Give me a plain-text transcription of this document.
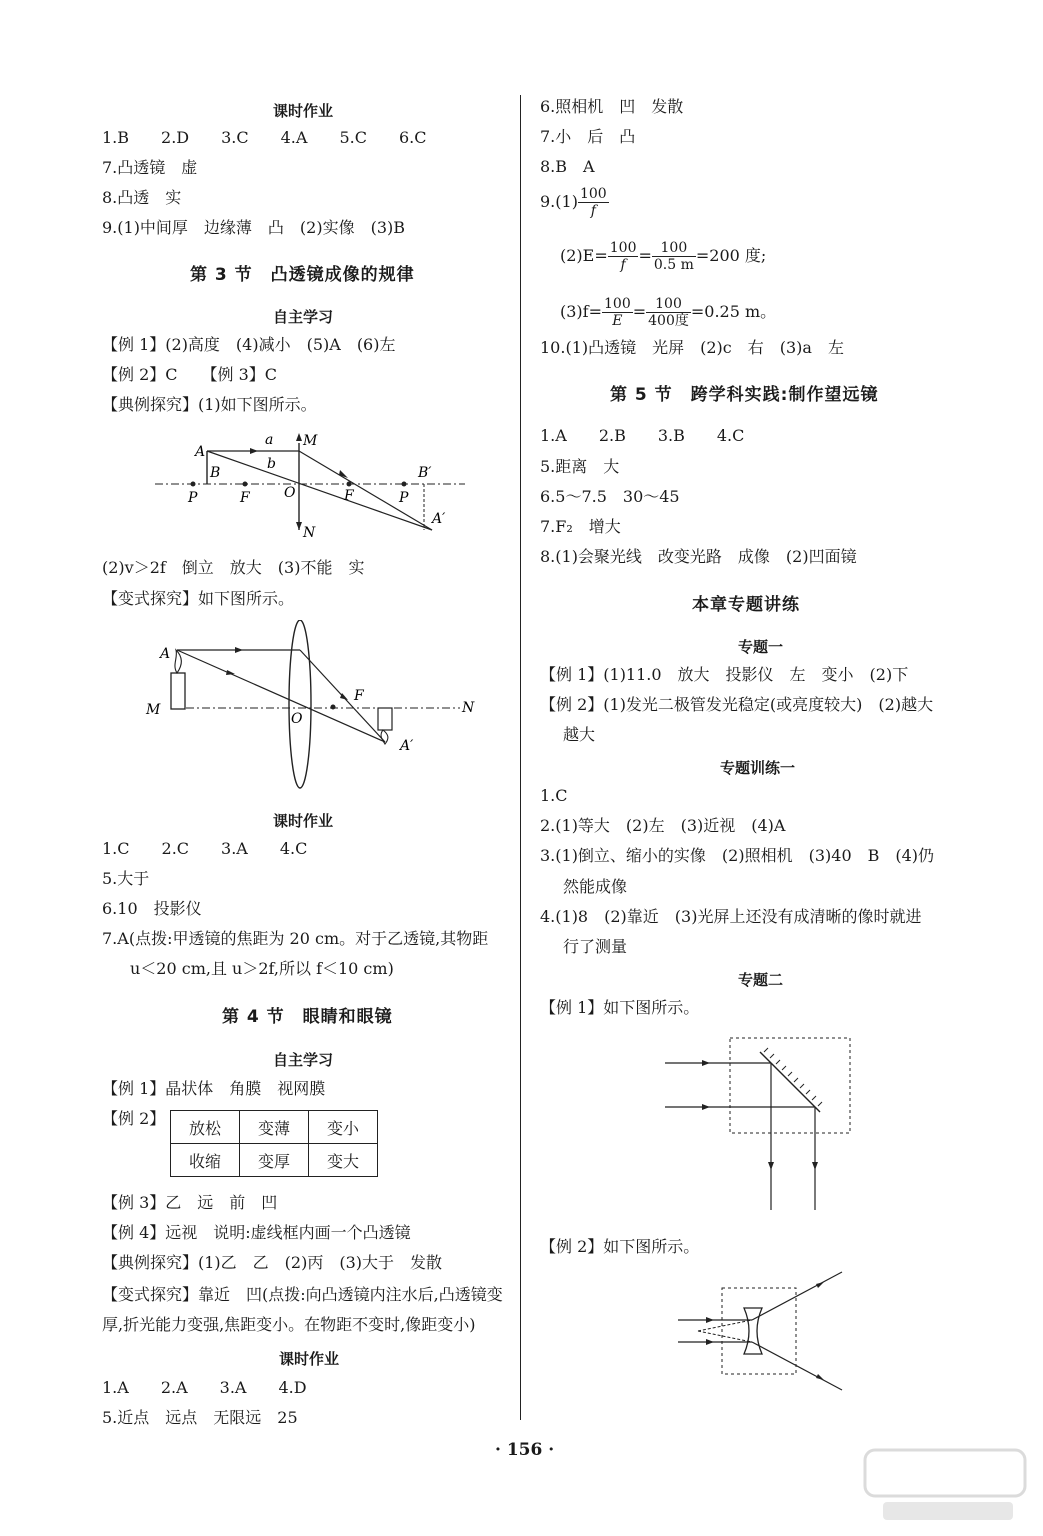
课时作业
1.B　　2.D　　3.C　　4.A　　5.C　　6.C
7.凸透镜　虚
8.凸透　实
9.(1)中间厚　边缘薄　凸　(2)实像　(3)B
第 3 节　凸透镜成像的规律
自主学习
【例 1】(2)高度　(4)减小　(5)A　(6)左
【例 2】C　　【例 3】C
【典例探究】(1)如下图所示。
A
B
a
b
M
N
P	F O	F	P
B′
A′
(2)v＞2f　倒立　放大　(3)不能　实
【变式探究】如下图所示。
A
M
O
F
N
A′
课时作业
1.C　　2.C　　3.A　　4.C
5.大于
6.10　投影仪
7.A(点拨:甲透镜的焦距为 20 cm。对于乙透镜,其物距
u＜20 cm,且 u＞2f,所以 f＜10 cm)
第 4 节　眼睛和眼镜
自主学习
【例 1】晶状体　角膜　视网膜
【例 2】 放松	变薄	变小
收缩	变厚	变大
【例 3】乙　远　前　凹
【例 4】远视　说明:虚线框内画一个凸透镜
【典例探究】(1)乙　乙　(2)丙　(3)大于　发散
【变式探究】靠近　凹(点拨:向凸透镜内注水后,凸透镜变
厚,折光能力变强,焦距变小。在物距不变时,像距变小)
课时作业
1.A　　2.A　　3.A　　4.D
5.近点　远点　无限远　25
6.照相机　凹　发散
7.小　后　凸
8.B　A
$9.(1) \frac{100}{f}$
$(2)E= \frac{100}{f} = \frac{100}{0.5 m} =200$ 度;
$(3)f= \frac{100}{E} = \frac{100}{\text{400度}} =0.25$ m。
10.(1)凸透镜　光屏　(2)c　右　(3)a　左
第 5 节　跨学科实践:制作望远镜
1.A　　2.B　　3.B　　4.C
5.距离　大
6.5～7.5　30～45
7.F₂　增大
8.(1)会聚光线　改变光路　成像　(2)凹面镜
本章专题讲练
专题一
【例 1】(1)11.0　放大　投影仪　左　变小　(2)下
【例 2】(1)发光二极管发光稳定(或亮度较大)　(2)越大
越大
专题训练一
1.C
2.(1)等大　(2)左　(3)近视　(4)A
3.(1)倒立、缩小的实像　(2)照相机　(3)40　B　(4)仍
然能成像
4.(1)8　(2)靠近　(3)光屏上还没有成清晰的像时就进
行了测量
专题二
【例 1】如下图所示。
【例 2】如下图所示。
· 156 ·
